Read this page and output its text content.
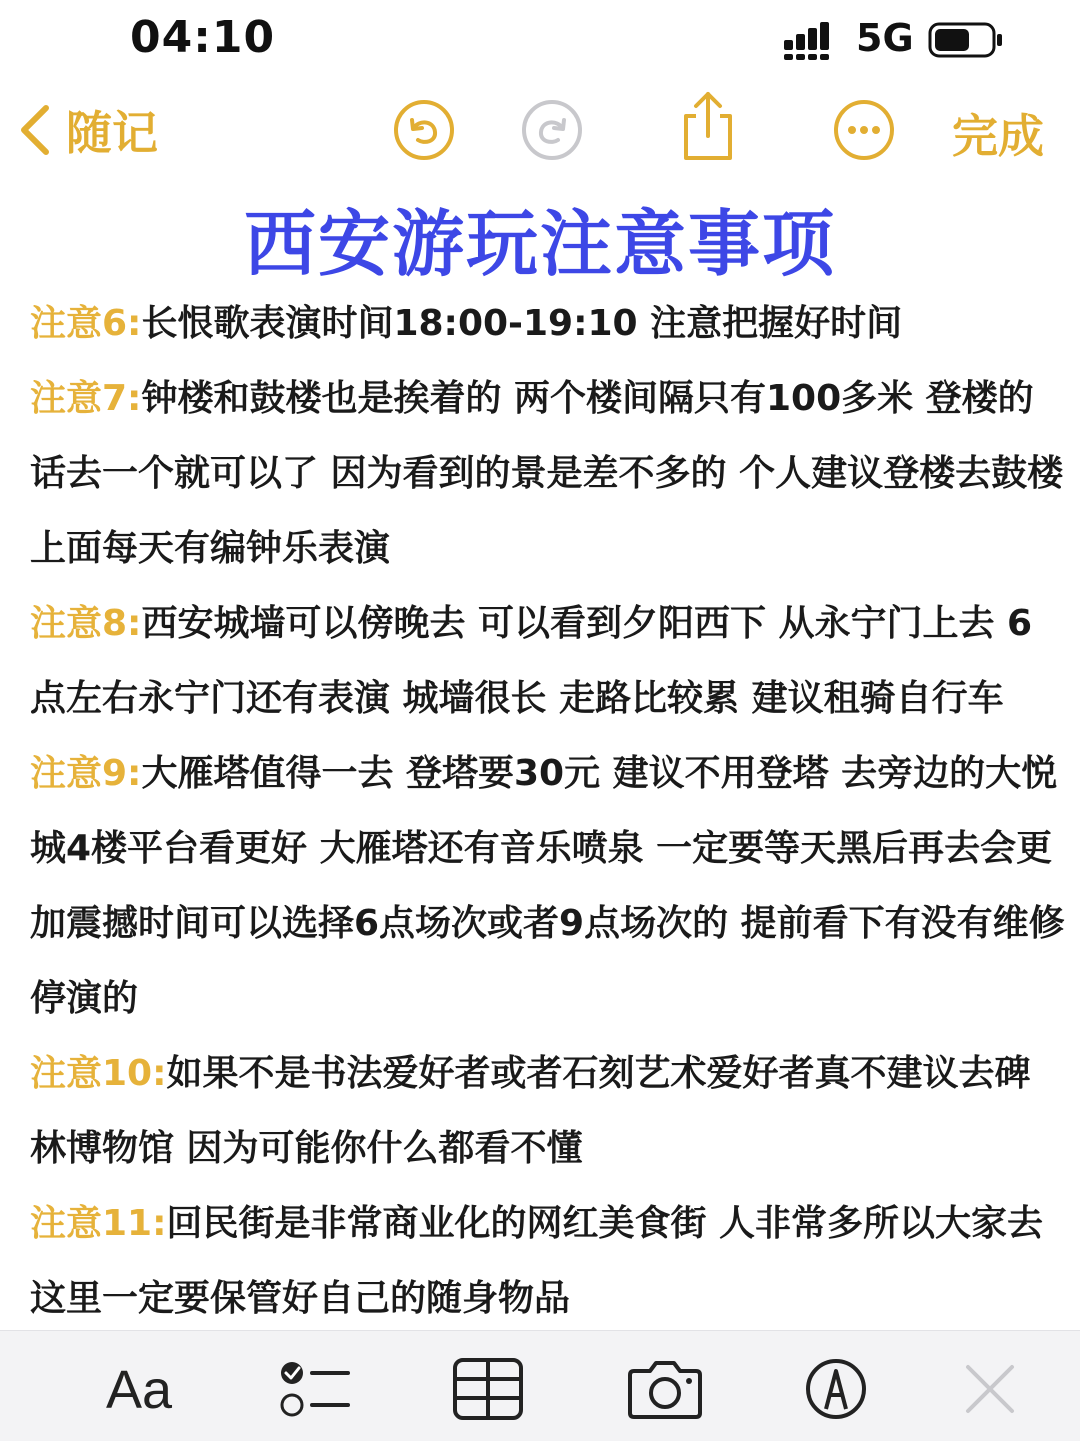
04:10	5G
随记	完成
西安游玩注意事项

注意6:长恨歌表演时间18:00-19:10 注意把握好时间

注意7:钟楼和鼓楼也是挨着的 两个楼间隔只有100多米 登楼的话去一个就可以了 因为看到的景是差不多的 个人建议登楼去鼓楼上面每天有编钟乐表演

注意8:西安城墙可以傍晚去 可以看到夕阳西下 从永宁门上去 6点左右永宁门还有表演 城墙很长 走路比较累 建议租骑自行车

注意9:大雁塔值得一去 登塔要30元 建议不用登塔 去旁边的大悦城4楼平台看更好 大雁塔还有音乐喷泉 一定要等天黑后再去会更加震撼时间可以选择6点场次或者9点场次的 提前看下有没有维修停演的

注意10:如果不是书法爱好者或者石刻艺术爱好者真不建议去碑林博物馆 因为可能你什么都看不懂

注意11:回民街是非常商业化的网红美食街 人非常多所以大家去这里一定要保管好自己的随身物品

Aa
